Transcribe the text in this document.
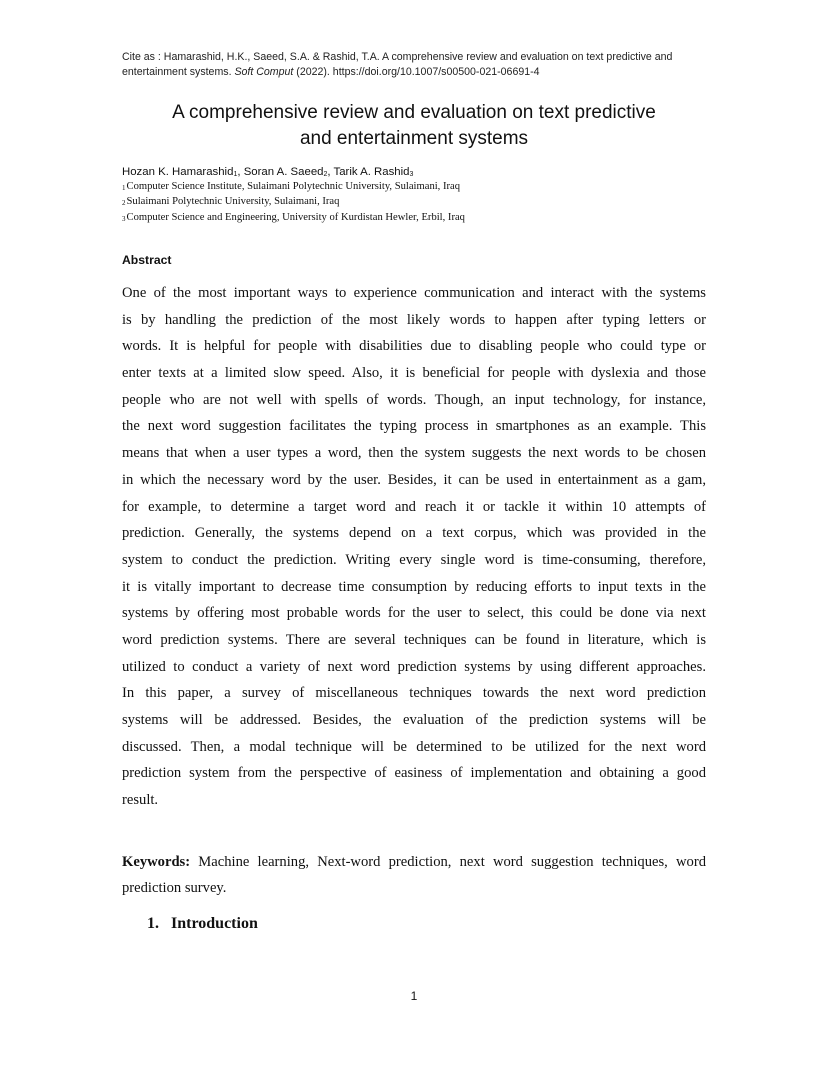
Cite as : Hamarashid, H.K., Saeed, S.A. & Rashid, T.A. A comprehensive review and evaluation on text predictive and
entertainment systems. Soft Comput (2022). https://doi.org/10.1007/s00500-021-06691-4
A comprehensive review and evaluation on text predictive
and entertainment systems
Hozan K. Hamarashid$_1$, Soran A. Saeed$_2$, Tarik A. Rashid$_3$
$^1$Computer Science Institute, Sulaimani Polytechnic University, Sulaimani, Iraq
$^2$Sulaimani Polytechnic University, Sulaimani, Iraq
$^3$Computer Science and Engineering, University of Kurdistan Hewler, Erbil, Iraq
Abstract
One of the most important ways to experience communication and interact with the systems
is by handling the prediction of the most likely words to happen after typing letters or
words. It is helpful for people with disabilities due to disabling people who could type or
enter texts at a limited slow speed. Also, it is beneficial for people with dyslexia and those
people who are not well with spells of words. Though, an input technology, for instance,
the next word suggestion facilitates the typing process in smartphones as an example. This
means that when a user types a word, then the system suggests the next words to be chosen
in which the necessary word by the user. Besides, it can be used in entertainment as a gam,
for example, to determine a target word and reach it or tackle it within 10 attempts of
prediction. Generally, the systems depend on a text corpus, which was provided in the
system to conduct the prediction. Writing every single word is time-consuming, therefore,
it is vitally important to decrease time consumption by reducing efforts to input texts in the
systems by offering most probable words for the user to select, this could be done via next
word prediction systems. There are several techniques can be found in literature, which is
utilized to conduct a variety of next word prediction systems by using different approaches.
In this paper, a survey of miscellaneous techniques towards the next word prediction
systems will be addressed. Besides, the evaluation of the prediction systems will be
discussed. Then, a modal technique will be determined to be utilized for the next word
prediction system from the perspective of easiness of implementation and obtaining a good
result.
Keywords: Machine learning, Next-word prediction, next word suggestion techniques, word
prediction survey.
1. Introduction
1
